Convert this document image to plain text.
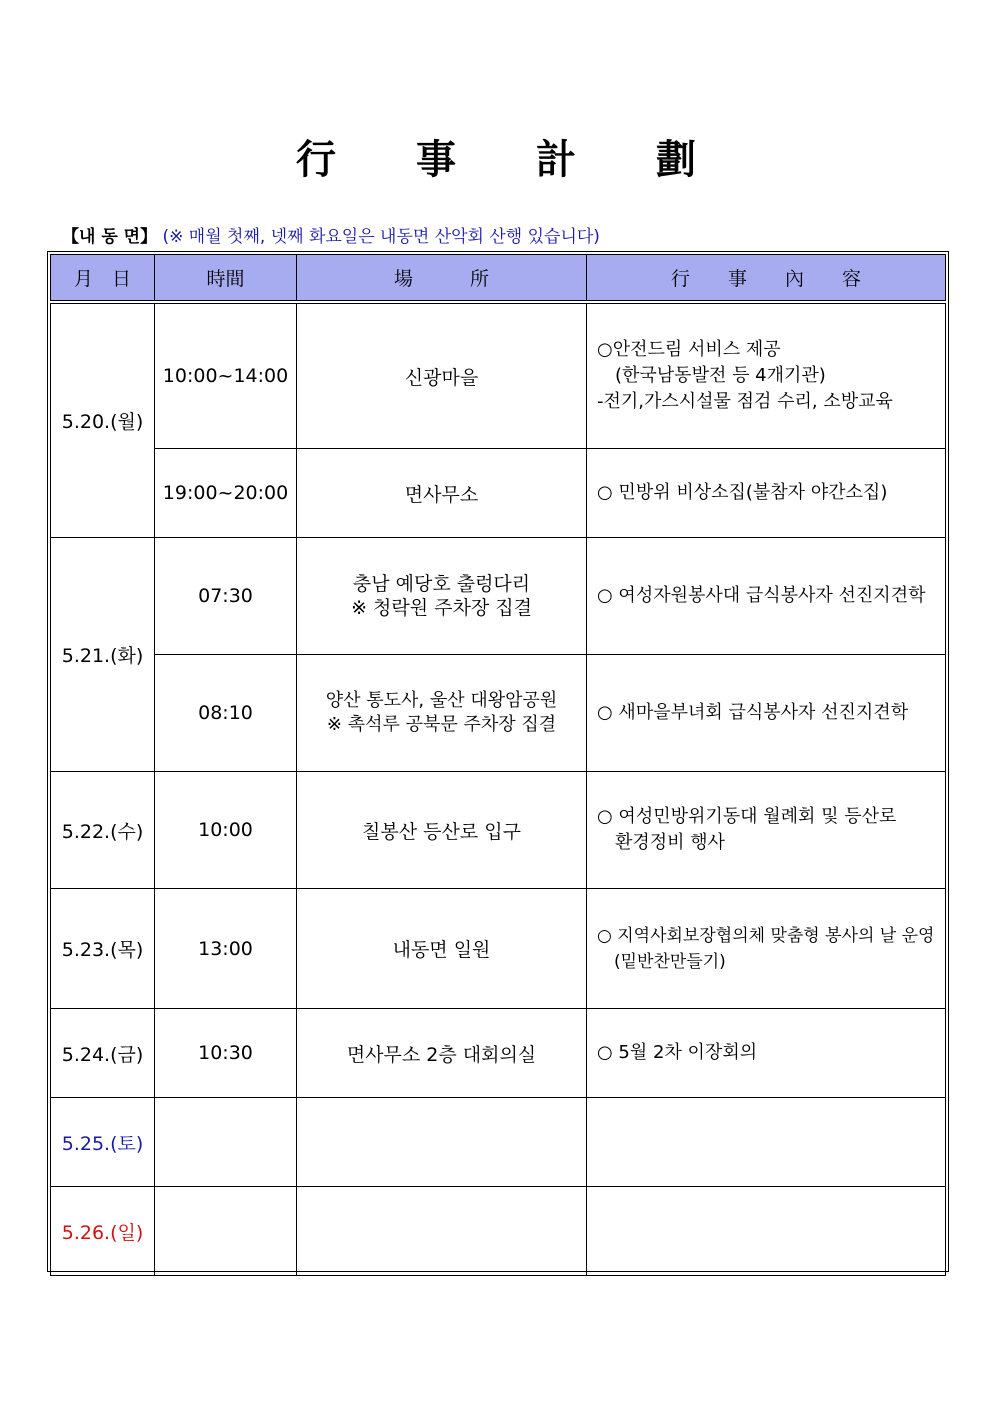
行 事 計 劃
【내 동 면】 (※ 매월 첫째, 넷째 화요일은 내동면 산악회 산행 있습니다)
月　日	時間	場　　　所	行　　事　　內　　容

5.20.(월)	10:00~14:00	신광마을	○안전드림 서비스 제공
　(한국남동발전 등 4개기관)
-전기,가스시설물 점검 수리, 소방교육

	19:00~20:00	면사무소	○ 민방위 비상소집(불참자 야간소집)

5.21.(화)	07:30	충남 예당호 출렁다리
※ 청락원 주차장 집결	○ 여성자원봉사대 급식봉사자 선진지견학

	08:10	양산 통도사, 울산 대왕암공원
※ 촉석루 공북문 주차장 집결	○ 새마을부녀회 급식봉사자 선진지견학

5.22.(수)	10:00	칠봉산 등산로 입구	○ 여성민방위기동대 월례회 및 등산로
　환경정비 행사

5.23.(목)	13:00	내동면 일원	○ 지역사회보장협의체 맞춤형 봉사의 날 운영
　(밑반찬만들기)

5.24.(금)	10:30	면사무소 2층 대회의실	○ 5월 2차 이장회의

5.25.(토)			
5.26.(일)			
